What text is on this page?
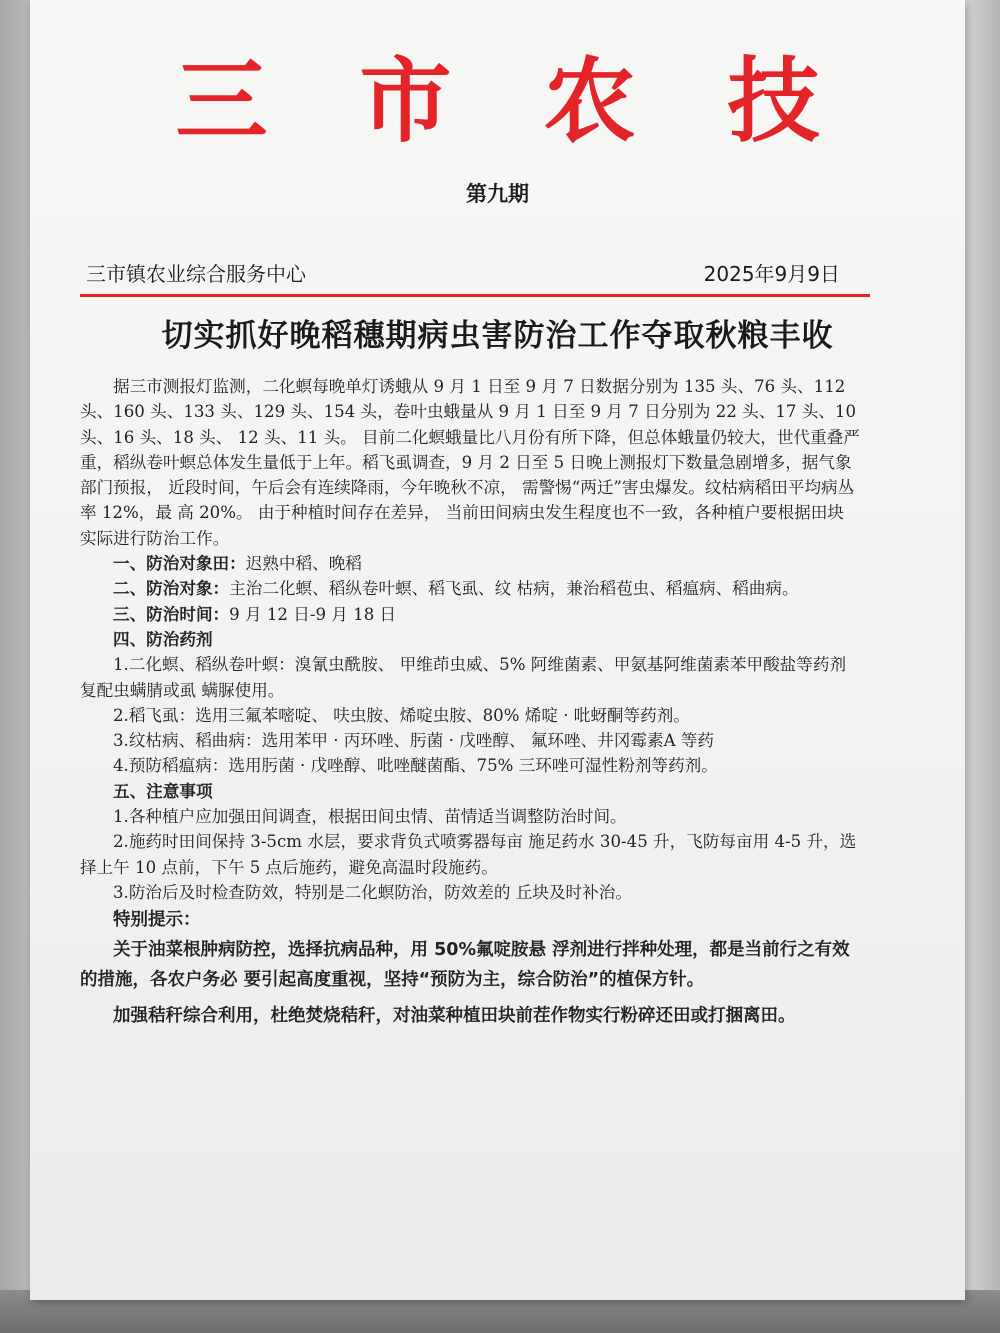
三市农技
第九期
三市镇农业综合服务中心	2025年9月9日
切实抓好晚稻穗期病虫害防治工作夺取秋粮丰收

据三市测报灯监测，二化螟每晚单灯诱蛾从 9 月 1 日至 9 月 7 日数据分别为 135 头、76 头、112 头、160 头、133 头、129 头、154 头，卷叶虫蛾量从 9 月 1 日至 9 月 7 日分别为 22 头、17 头、10 头、16 头、18 头、 12 头、11 头。 目前二化螟蛾量比八月份有所下降，但总体蛾量仍较大，世代重叠严重，稻纵卷叶螟总体发生量低于上年。稻飞虱调查，9 月 2 日至 5 日晚上测报灯下数量急剧增多，据气象部门预报， 近段时间，午后会有连续降雨，今年晚秋不凉， 需警惕“两迁”害虫爆发。纹枯病稻田平均病丛率 12%，最 高 20%。 由于种植时间存在差异， 当前田间病虫发生程度也不一致，各种植户要根据田块实际进行防治工作。

一、防治对象田：迟熟中稻、晚稻

二、防治对象：主治二化螟、稻纵卷叶螟、稻飞虱、纹 枯病，兼治稻苞虫、稻瘟病、稻曲病。

三、防治时间：9 月 12 日-9 月 18 日

四、防治药剂

1.二化螟、稻纵卷叶螟：溴氰虫酰胺、 甲维茚虫威、5% 阿维菌素、甲氨基阿维菌素苯甲酸盐等药剂复配虫螨腈或虱 螨脲使用。

2.稻飞虱：选用三氟苯嘧啶、 呋虫胺、烯啶虫胺、80% 烯啶 · 吡蚜酮等药剂。

3.纹枯病、稻曲病：选用苯甲 · 丙环唑、肟菌 · 戊唑醇、 氟环唑、井冈霉素A 等药

4.预防稻瘟病：选用肟菌 · 戊唑醇、吡唑醚菌酯、75% 三环唑可湿性粉剂等药剂。

五、注意事项

1.各种植户应加强田间调查，根据田间虫情、苗情适当调整防治时间。

2.施药时田间保持 3-5cm 水层，要求背负式喷雾器每亩 施足药水 30-45 升，飞防每亩用 4-5 升，选择上午 10 点前，下午 5 点后施药，避免高温时段施药。

3.防治后及时检查防效，特别是二化螟防治，防效差的 丘块及时补治。

特别提示：

关于油菜根肿病防控，选择抗病品种，用 50%氟啶胺悬 浮剂进行拌种处理，都是当前行之有效的措施，各农户务必 要引起高度重视，坚持“预防为主，综合防治”的植保方针。

加强秸秆综合利用，杜绝焚烧秸秆，对油菜种植田块前茬作物实行粉碎还田或打捆离田。
